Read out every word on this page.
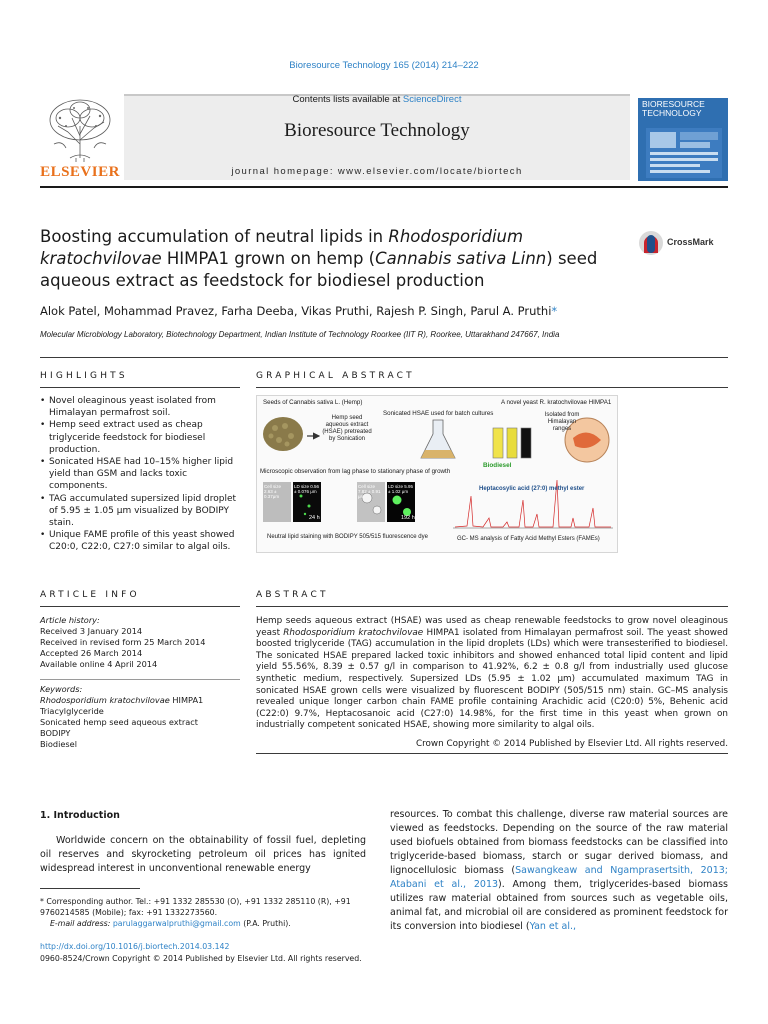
Bioresource Technology 165 (2014) 214–222
Contents lists available at ScienceDirect
Bioresource Technology
journal homepage: www.elsevier.com/locate/biortech
ELSEVIER
BIORESOURCE TECHNOLOGY
Boosting accumulation of neutral lipids in Rhodosporidium kratochvilovae HIMPA1 grown on hemp (Cannabis sativa Linn) seed aqueous extract as feedstock for biodiesel production
CrossMark
Alok Patel, Mohammad Pravez, Farha Deeba, Vikas Pruthi, Rajesh P. Singh, Parul A. Pruthi*
Molecular Microbiology Laboratory, Biotechnology Department, Indian Institute of Technology Roorkee (IIT R), Roorkee, Uttarakhand 247667, India
HIGHLIGHTS
• Novel oleaginous yeast isolated from Himalayan permafrost soil.
• Hemp seed extract used as cheap triglyceride feedstock for biodiesel production.
• Sonicated HSAE had 10–15% higher lipid yield than GSM and lacks toxic components.
• TAG accumulated supersized lipid droplet of 5.95 ± 1.05 μm visualized by BODIPY stain.
• Unique FAME profile of this yeast showed C20:0, C22:0, C27:0 similar to algal oils.
GRAPHICAL ABSTRACT
Seeds of Cannabis sativa L. (Hemp)
Hemp seed aqueous extract (HSAE) pretreated by Sonication
Sonicated HSAE used for batch cultures
A novel yeast R. kratochvilovae HIMPA1
Isolated from Himalayan ranges
Biodiesel
Microscopic observation from lag phase to stationary phase of growth
Cell size 2.63 ± 0.37μm
LD size 0.56 ± 0.076 μm
Cell size 7.82 ± 0.91 μm
LD size 5.95 ± 1.02 μm
24 h	192 h
Neutral lipid staining with BODIPY 505/515 fluorescence dye
Heptacosylic acid (27:0) methyl ester
GC- MS analysis of Fatty Acid Methyl Esters (FAMEs)
ARTICLE INFO
Article history:
Received 3 January 2014
Received in revised form 25 March 2014
Accepted 26 March 2014
Available online 4 April 2014
Keywords:
Rhodosporidium kratochvilovae HIMPA1
Triacylglyceride
Sonicated hemp seed aqueous extract
BODIPY
Biodiesel
ABSTRACT
Hemp seeds aqueous extract (HSAE) was used as cheap renewable feedstocks to grow novel oleaginous yeast Rhodosporidium kratochvilovae HIMPA1 isolated from Himalayan permafrost soil. The yeast showed boosted triglyceride (TAG) accumulation in the lipid droplets (LDs) which were transesterified to biodiesel. The sonicated HSAE prepared lacked toxic inhibitors and showed enhanced total lipid content and lipid yield 55.56%, 8.39 ± 0.57 g/l in comparison to 41.92%, 6.2 ± 0.8 g/l from industrially used glucose synthetic medium, respectively. Supersized LDs (5.95 ± 1.02 μm) accumulated maximum TAG in sonicated HSAE grown cells were visualized by fluorescent BODIPY (505/515 nm) stain. GC–MS analysis revealed unique longer carbon chain FAME profile containing Arachidic acid (C20:0) 5%, Behenic acid (C22:0) 9.7%, Heptacosanoic acid (C27:0) 14.98%, for the first time in this yeast when grown on industrially competent sonicated HSAE, showing more similarity to algal oils.
Crown Copyright © 2014 Published by Elsevier Ltd. All rights reserved.
1. Introduction
Worldwide concern on the obtainability of fossil fuel, depleting oil reserves and skyrocketing petroleum oil prices has ignited widespread interest in unconventional renewable energy
* Corresponding author. Tel.: +91 1332 285530 (O), +91 1332 285110 (R), +91 9760214585 (Mobile); fax: +91 1332273560.
E-mail address: parulaggarwalpruthi@gmail.com (P.A. Pruthi).
http://dx.doi.org/10.1016/j.biortech.2014.03.142
0960-8524/Crown Copyright © 2014 Published by Elsevier Ltd. All rights reserved.
resources. To combat this challenge, diverse raw material sources are viewed as feedstocks. Depending on the source of the raw material used biofuels obtained from biomass feedstocks can be classified into triglyceride-based biomass, starch or sugar derived biomass, and lignocellulosic biomass (Sawangkeaw and Ngamprasertsith, 2013; Atabani et al., 2013). Among them, triglycerides-based biomass utilizes raw material obtained from sources such as vegetable oils, animal fat, and microbial oil are considered as prominent feedstock for its conversion into biodiesel (Yan et al.,
